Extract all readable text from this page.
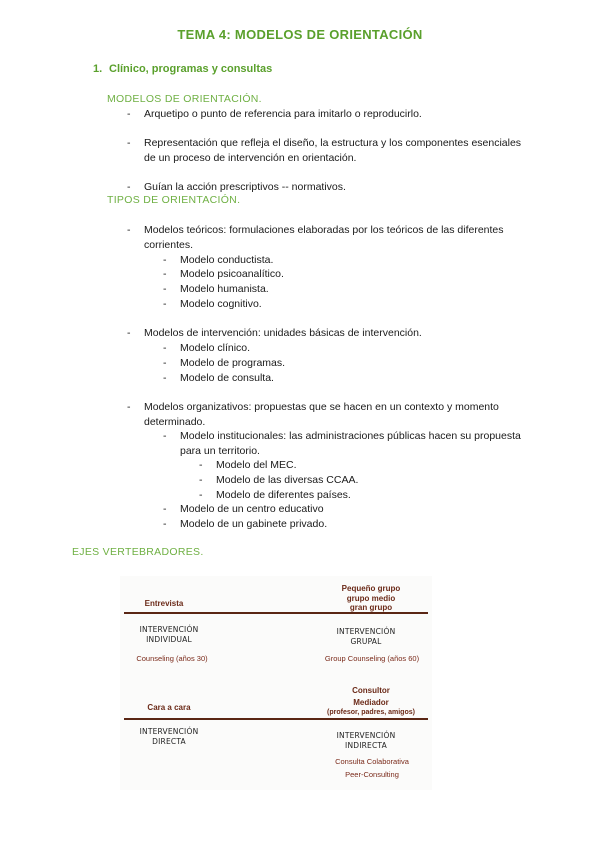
TEMA 4: MODELOS DE ORIENTACIÓN
1. Clínico, programas y consultas
MODELOS DE ORIENTACIÓN.
- Arquetipo o punto de referencia para imitarlo o reproducirlo.
- Representación que refleja el diseño, la estructura y los componentes esenciales de un proceso de intervención en orientación.
- Guían la acción prescriptivos -- normativos.
TIPOS DE ORIENTACIÓN.
- Modelos teóricos: formulaciones elaboradas por los teóricos de las diferentes corrientes.
- Modelo conductista.
- Modelo psicoanalítico.
- Modelo humanista.
- Modelo cognitivo.
- Modelos de intervención: unidades básicas de intervención.
- Modelo clínico.
- Modelo de programas.
- Modelo de consulta.
- Modelos organizativos: propuestas que se hacen en un contexto y momento determinado.
- Modelo institucionales: las administraciones públicas hacen su propuesta para un territorio.
- Modelo del MEC.
- Modelo de las diversas CCAA.
- Modelo de diferentes países.
- Modelo de un centro educativo
- Modelo de un gabinete privado.
EJES VERTEBRADORES.
Entrevista
Pequeño grupo
grupo medio
gran grupo
INTERVENCIÓN
INDIVIDUAL
Counseling (años 30)
INTERVENCIÓN
GRUPAL
Group Counseling (años 60)
Cara a cara
Consultor
Mediador
(profesor, padres, amigos)
INTERVENCIÓN
DIRECTA
INTERVENCIÓN
INDIRECTA
Consulta Colaborativa
Peer-Consulting
